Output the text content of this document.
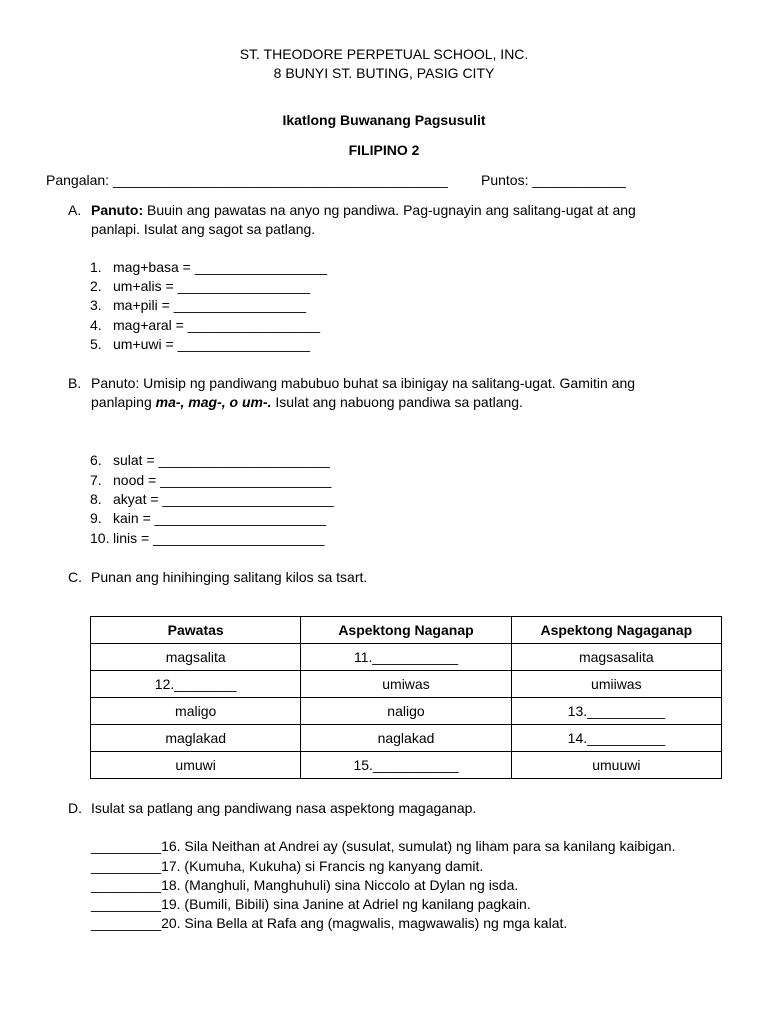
ST. THEODORE PERPETUAL SCHOOL, INC.
8 BUNYI ST. BUTING, PASIG CITY
Ikatlong Buwanang Pagsusulit
FILIPINO 2
Pangalan: ___________________________________________ Puntos: ____________
A. Panuto: Buuin ang pawatas na anyo ng pandiwa. Pag-ugnayin ang salitang-ugat at ang
panlapi. Isulat ang sagot sa patlang.
1. mag+basa = _________________
2. um+alis = _________________
3. ma+pili = _________________
4. mag+aral = _________________
5. um+uwi = _________________
B. Panuto: Umisip ng pandiwang mabubuo buhat sa ibinigay na salitang-ugat. Gamitin ang
panlaping ma-, mag-, o um-. Isulat ang nabuong pandiwa sa patlang.
6. sulat = ______________________
7. nood = ______________________
8. akyat = ______________________
9. kain = ______________________
10. linis = ______________________
C. Punan ang hinihinging salitang kilos sa tsart.
Pawatas	Aspektong Naganap	Aspektong Nagaganap
magsalita	11.___________	magsasalita
12.________	umiwas	umiiwas
maligo	naligo	13.__________
maglakad	naglakad	14.__________
umuwi	15.___________	umuuwi
D. Isulat sa patlang ang pandiwang nasa aspektong magaganap.
_________16. Sila Neithan at Andrei ay (susulat, sumulat) ng liham para sa kanilang kaibigan.
_________17. (Kumuha, Kukuha) si Francis ng kanyang damit.
_________18. (Manghuli, Manghuhuli) sina Niccolo at Dylan ng isda.
_________19. (Bumili, Bibili) sina Janine at Adriel ng kanilang pagkain.
_________20. Sina Bella at Rafa ang (magwalis, magwawalis) ng mga kalat.
